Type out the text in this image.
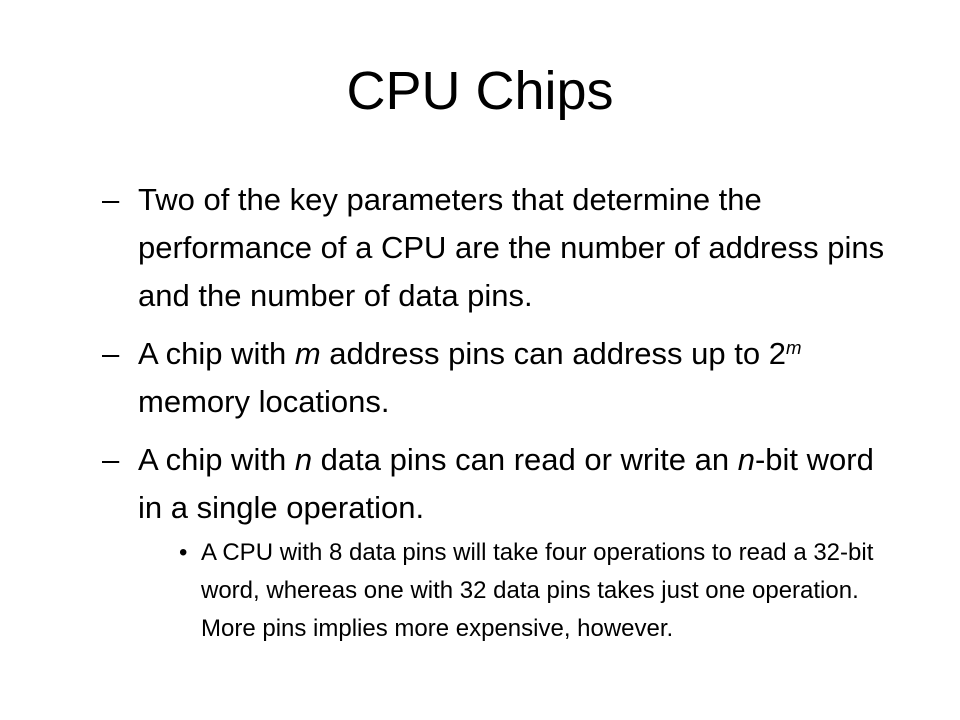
CPU Chips
– Two of the key parameters that determine the performance of a CPU are the number of address pins and the number of data pins.
– A chip with m address pins can address up to 2$^m$ memory locations.
– A chip with n data pins can read or write an n-bit word in a single operation.
• A CPU with 8 data pins will take four operations to read a 32-bit word, whereas one with 32 data pins takes just one operation. More pins implies more expensive, however.
